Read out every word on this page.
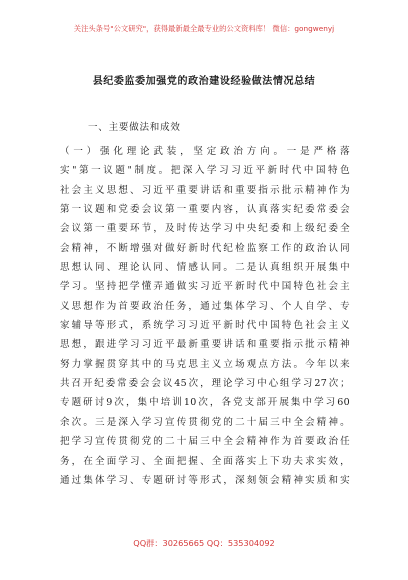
关注头条号"公文研究"，获得最新最全最专业的公文资料库！ 微信：gongwenyj
县纪委监委加强党的政治建设经验做法情况总结
一、主要做法和成效
（一）强化理论武装，坚定政治方向。一是严格落
实"第一议题"制度。把深入学习习近平新时代中国特色
社会主义思想、习近平重要讲话和重要指示批示精神作为
第一议题和党委会议第一重要内容，认真落实纪委常委会
会议第一重要环节，及时传达学习中央纪委和上级纪委全
会精神，不断增强对做好新时代纪检监察工作的政治认同
思想认同、理论认同、情感认同。二是认真组织开展集中
学习。坚持把学懂弄通做实习近平新时代中国特色社会主
义思想作为首要政治任务，通过集体学习、个人自学、专
家辅导等形式，系统学习习近平新时代中国特色社会主义
思想，跟进学习习近平最新重要讲话和重要指示批示精神
努力掌握贯穿其中的马克思主义立场观点方法。今年以来
共召开纪委常委会会议45次，理论学习中心组学习27次；
专题研讨9次，集中培训10次，各党支部开展集中学习60
余次。三是深入学习宣传贯彻党的二十届三中全会精神。
把学习宣传贯彻党的二十届三中全会精神作为首要政治任
务，在全面学习、全面把握、全面落实上下功夫求实效，
通过集体学习、专题研讨等形式，深刻领会精神实质和实
QQ群：30265665 QQ：535304092
